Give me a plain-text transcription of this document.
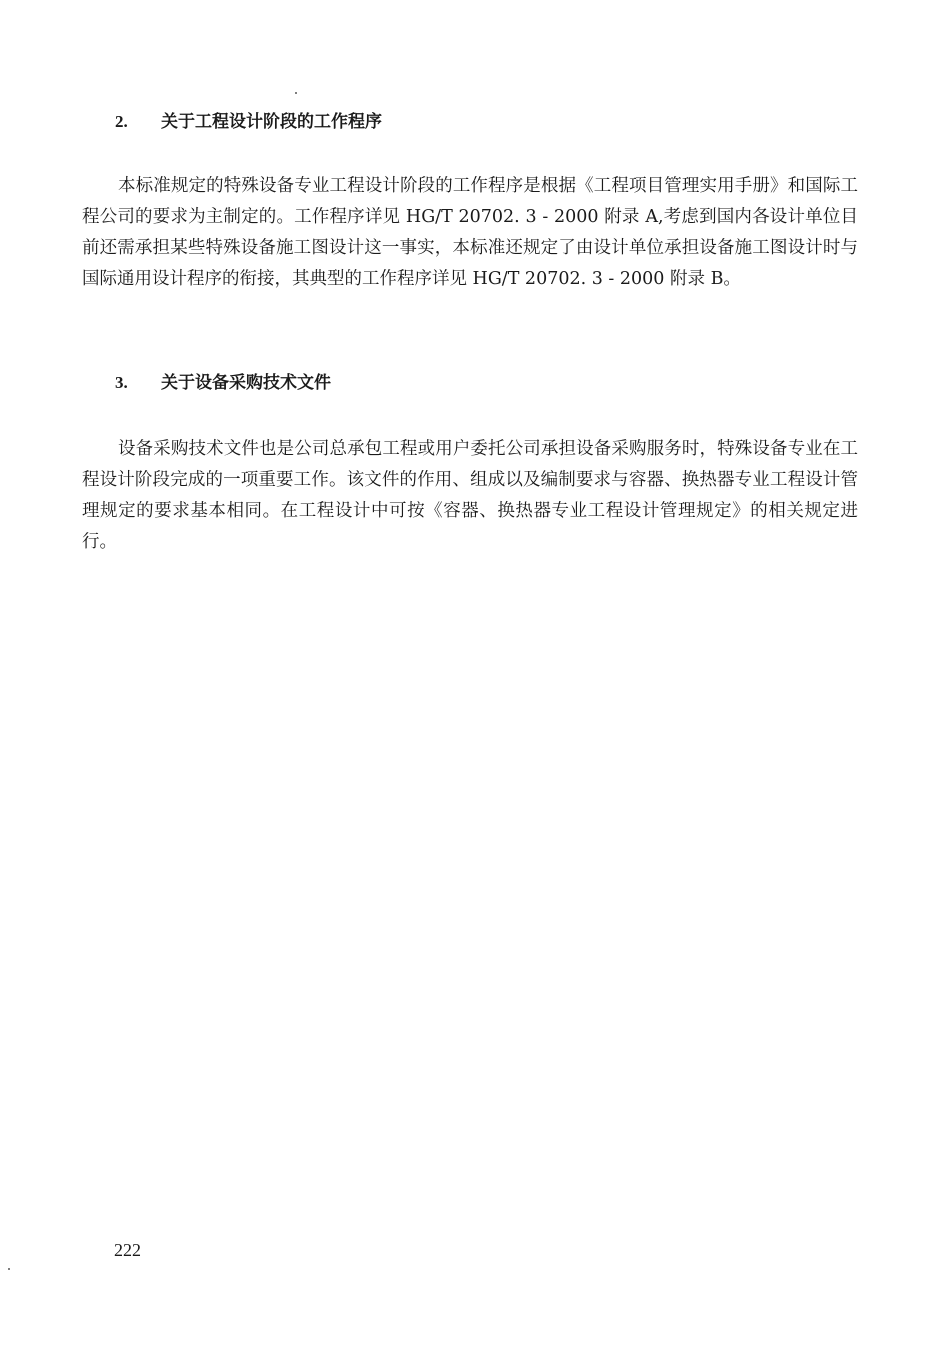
2. 关于工程设计阶段的工作程序

本标准规定的特殊设备专业工程设计阶段的工作程序是根据《工程项目管理实用手册》和国际工程公司的要求为主制定的。工作程序详见 HG/T 20702. 3 - 2000 附录 A,考虑到国内各设计单位目前还需承担某些特殊设备施工图设计这一事实，本标准还规定了由设计单位承担设备施工图设计时与国际通用设计程序的衔接，其典型的工作程序详见 HG/T 20702. 3 - 2000 附录 B。

3. 关于设备采购技术文件

设备采购技术文件也是公司总承包工程或用户委托公司承担设备采购服务时，特殊设备专业在工程设计阶段完成的一项重要工作。该文件的作用、组成以及编制要求与容器、换热器专业工程设计管理规定的要求基本相同。在工程设计中可按《容器、换热器专业工程设计管理规定》的相关规定进行。

222
